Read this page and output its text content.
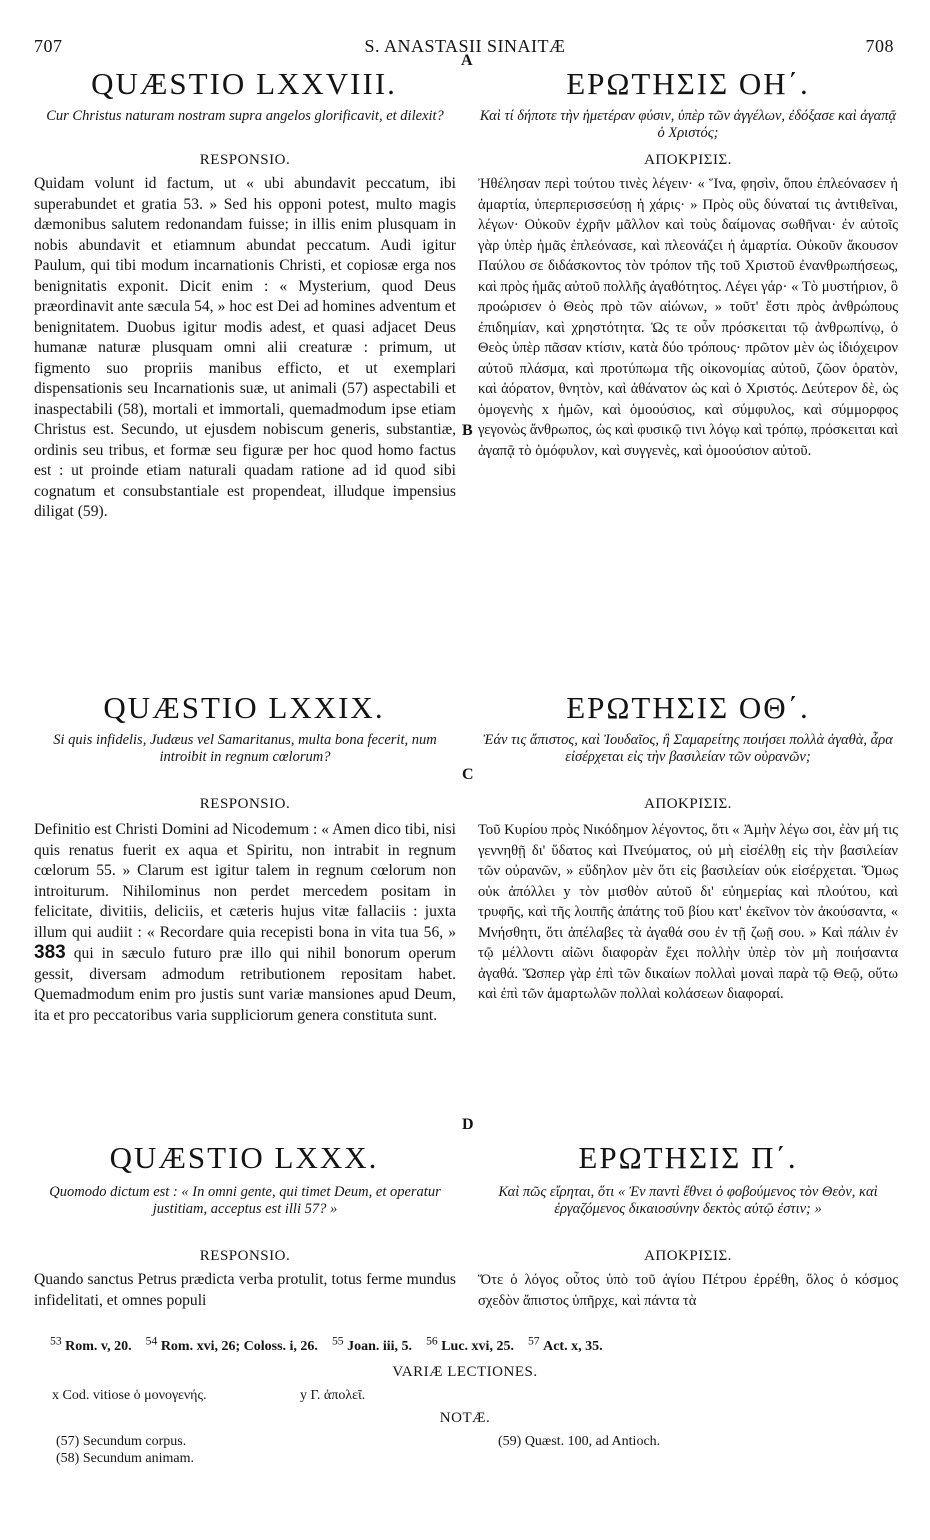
707	S. ANASTASII SINAITÆ	708
A
B
C
D
QUÆSTIO LXXVIII.
Cur Christus naturam nostram supra angelos glorificavit, et dilexit?
RESPONSIO.
Quidam volunt id factum, ut « ubi abundavit peccatum, ibi superabundet et gratia 53. » Sed his opponi potest, multo magis dæmonibus salutem redonandam fuisse; in illis enim plusquam in nobis abundavit et etiamnum abundat peccatum. Audi igitur Paulum, qui tibi modum incarnationis Christi, et copiosæ erga nos benignitatis exponit. Dicit enim : « Mysterium, quod Deus præordinavit ante sæcula 54, » hoc est Dei ad homines adventum et benignitatem. Duobus igitur modis adest, et quasi adjacet Deus humanæ naturæ plusquam omni alii creaturæ : primum, ut figmento suo propriis manibus efficto, et ut exemplari dispensationis seu Incarnationis suæ, ut animali (57) aspectabili et inaspectabili (58), mortali et immortali, quemadmodum ipse etiam Christus est. Secundo, ut ejusdem nobiscum generis, substantiæ, ordinis seu tribus, et formæ seu figuræ per hoc quod homo factus est : ut proinde etiam naturali quadam ratione ad id quod sibi cognatum et consubstantiale est propendeat, illudque impensius diligat (59).
ΕΡΩΤΗΣΙΣ ΟΗ΄.
Καὶ τί δήποτε τὴν ἡμετέραν φύσιν, ὑπὲρ τῶν ἀγγέλων, ἐδόξασε καὶ ἀγαπᾷ ὁ Χριστός;
ΑΠΟΚΡΙΣΙΣ.
Ἠθέλησαν περὶ τούτου τινὲς λέγειν· « Ἵνα, φησὶν, ὅπου ἐπλεόνασεν ἡ ἁμαρτία, ὑπερπερισσεύσῃ ἡ χάρις· » Πρὸς οὓς δύναταί τις ἀντιθεῖναι, λέγων· Οὐκοῦν ἐχρῆν μᾶλλον καὶ τοὺς δαίμονας σωθῆναι· ἐν αὐτοῖς γὰρ ὑπὲρ ἡμᾶς ἐπλεόνασε, καὶ πλεονάζει ἡ ἁμαρτία. Οὐκοῦν ἄκουσον Παύλου σε διδάσκοντος τὸν τρόπον τῆς τοῦ Χριστοῦ ἐνανθρωπήσεως, καὶ πρὸς ἡμᾶς αὐτοῦ πολλῆς ἀγαθότητος. Λέγει γάρ· « Τὸ μυστήριον, ὃ προώρισεν ὁ Θεὸς πρὸ τῶν αἰώνων, » τοῦτ' ἔστι πρὸς ἀνθρώπους ἐπιδημίαν, καὶ χρηστότητα. Ὡς τε οὖν πρόσκειται τῷ ἀνθρωπίνῳ, ὁ Θεὸς ὑπὲρ πᾶσαν κτίσιν, κατὰ δύο τρόπους· πρῶτον μὲν ὡς ἰδιόχειρον αὐτοῦ πλάσμα, καὶ προτύπωμα τῆς οἰκονομίας αὐτοῦ, ζῶον ὁρατὸν, καὶ ἀόρατον, θνητὸν, καὶ ἀθάνατον ὡς καὶ ὁ Χριστός. Δεύτερον δὲ, ὡς ὁμογενὴς x ἡμῶν, καὶ ὁμοούσιος, καὶ σύμφυλος, καὶ σύμμορφος γεγονὼς ἄνθρωπος, ὡς καὶ φυσικῷ τινι λόγῳ καὶ τρόπῳ, πρόσκειται καὶ ἀγαπᾷ τὸ ὁμόφυλον, καὶ συγγενὲς, καὶ ὁμοούσιον αὐτοῦ.
QUÆSTIO LXXIX.
Si quis infidelis, Judæus vel Samaritanus, multa bona fecerit, num introibit in regnum cœlorum?
RESPONSIO.
Definitio est Christi Domini ad Nicodemum : « Amen dico tibi, nisi quis renatus fuerit ex aqua et Spiritu, non intrabit in regnum cœlorum 55. » Clarum est igitur talem in regnum cœlorum non introiturum. Nihilominus non perdet mercedem positam in felicitate, divitiis, deliciis, et cæteris hujus vitæ fallaciis : juxta illum qui audiit : « Recordare quia recepisti bona in vita tua 56, » 383 qui in sæculo futuro præ illo qui nihil bonorum operum gessit, diversam admodum retributionem repositam habet. Quemadmodum enim pro justis sunt variæ mansiones apud Deum, ita et pro peccatoribus varia suppliciorum genera constituta sunt.
ΕΡΩΤΗΣΙΣ ΟΘ΄.
Ἐάν τις ἄπιστος, καὶ Ἰουδαῖος, ἢ Σαμαρείτης ποιήσει πολλὰ ἀγαθὰ, ἆρα εἰσέρχεται εἰς τὴν βασιλείαν τῶν οὐρανῶν;
ΑΠΟΚΡΙΣΙΣ.
Τοῦ Κυρίου πρὸς Νικόδημον λέγοντος, ὅτι « Ἀμὴν λέγω σοι, ἐὰν μή τις γεννηθῇ δι' ὕδατος καὶ Πνεύματος, οὐ μὴ εἰσέλθῃ εἰς τὴν βασιλείαν τῶν οὐρανῶν, » εὔδηλον μὲν ὅτι εἰς βασιλείαν οὐκ εἰσέρχεται. Ὅμως οὐκ ἀπόλλει y τὸν μισθὸν αὐτοῦ δι' εὐημερίας καὶ πλούτου, καὶ τρυφῆς, καὶ τῆς λοιπῆς ἀπάτης τοῦ βίου κατ' ἐκεῖνον τὸν ἀκούσαντα, « Μνήσθητι, ὅτι ἀπέλαβες τὰ ἀγαθά σου ἐν τῇ ζωῇ σου. » Καὶ πάλιν ἐν τῷ μέλλοντι αἰῶνι διαφορὰν ἔχει πολλὴν ὑπὲρ τὸν μὴ ποιήσαντα ἀγαθά. Ὥσπερ γὰρ ἐπὶ τῶν δικαίων πολλαὶ μοναὶ παρὰ τῷ Θεῷ, οὕτω καὶ ἐπὶ τῶν ἁμαρτωλῶν πολλαὶ κολάσεων διαφοραί.
QUÆSTIO LXXX.
Quomodo dictum est : « In omni gente, qui timet Deum, et operatur justitiam, acceptus est illi 57? »
RESPONSIO.
Quando sanctus Petrus prædicta verba protulit, totus ferme mundus infidelitati, et omnes populi
ΕΡΩΤΗΣΙΣ Π΄.
Καὶ πῶς εἴρηται, ὅτι « Ἐν παντὶ ἔθνει ὁ φοβούμενος τὸν Θεὸν, καὶ ἐργαζόμενος δικαιοσύνην δεκτὸς αὐτῷ ἐστιν; »
ΑΠΟΚΡΙΣΙΣ.
Ὅτε ὁ λόγος οὗτος ὑπὸ τοῦ ἁγίου Πέτρου ἐρρέθη, ὅλος ὁ κόσμος σχεδὸν ἄπιστος ὑπῆρχε, καὶ πάντα τὰ
$^{53}$ Rom. v, 20. $^{54}$ Rom. xvi, 26; Coloss. i, 26. $^{55}$ Joan. iii, 5. $^{56}$ Luc. xvi, 25. $^{57}$ Act. x, 35.
VARIÆ LECTIONES.
x Cod. vitiose ὁ μονογενής.	y Γ. ἀπολεῖ.
NOTÆ.
(57) Secundum corpus.
(58) Secundum animam.
(59) Quæst. 100, ad Antioch.
